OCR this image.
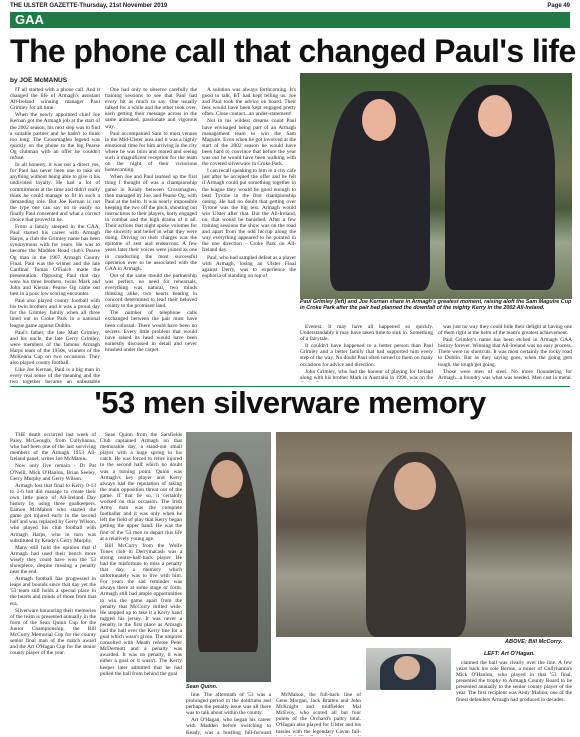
THE ULSTER GAZETTE-Thursday, 21st November 2019	Page 49
GAA
The phone call that changed Paul's life
by JOE McMANUS

IT all started with a phone call. And it changed the life of Armagh's assistant All-Ireland winning manager Paul Grimley for all time.

When the newly appointed chief Joe Kernan got the Armagh job at the start of the 2002 season, his next step was to find a suitable partner and he hadn't to think too long. The Crossmaglen legend was quickly on the phone to the big Pearse Og clubman with an offer he couldn't refuse.

In all honesty, it was not a direct yes, for Paul has never been one to take on anything without being able to give it his undivided loyalty. He had a lot of commitments at the time and didn't really think he could manage to fit in such a demanding role. But Joe Kernan is not the type one can say no to easily so finally Paul consented and what a correct choice that proved to be.

From a family steeped in the GAA, Paul started his career with Armagh Harps, a club the Grimley name has been synonymous with for years. He was to become the Madden Road club's Pearse Og man in the 1967 Armagh County Final. Paul was the winner and the late Cardinal Tomas O'Fiaich made the presentation. Opposing Paul that day were his three brothers, twins Mark and John and Kieran. Pearse Og came out best in a poor low scoring encounter.

Paul also played county football with his twin brothers and it was a proud day for the Grimley family when all three lined out in Croke Park in a national league game against Dublin.

Paul's father, the late Matt Grimley, and his uncle, the late Gerry Grimley, were members of the famous Armagh Harps team of the 1950s, winners of the McKenna Cup on two occasions. They also played county football.

Like Joe Kernan, Paul is a big man in every real sense of the meaning and the two together became an unbeatable

One had only to observe carefully the training sessions to see that Paul had every bit as much to say. One usually talked for a while and the other took over, each getting their message across in the same animated, passionate and vigorous way.

Paul accompanied Sam to most venues in the Mid-Ulster area and it was a highly emotional time for him arriving in the city where he was born and reared and seeing such a magnificent reception for the team on the night of their victorious homecoming.

When Joe and Paul teamed up the first thing I thought of was a championship game in Keady between Crossmaglen, then managed by Joe, and Pearse Og, with Paul at the helm. It was nearly impossible keeping the two off the pitch, shouting out instructions to their players, hotly engaged in combat and the high drama of it all. Their actions that night spoke volumes for the sincerity and belief in what they were doing. Driving on their charges was the epitome of zest and endeavour. A few years later their voices were joined as one in conducting the most successful operation ever to be associated with the GAA in Armagh.

Out of the same mould the partnership was perfect, no need for rehearsals, everything was natural, two minds thinking alike, two hearts beating in concord determined to lead their beloved county to the promised land.

The number of telephone calls exchanged between the pair must have been colossal. There would have been no secrets. Every little problem that would have raised its head would have been earnestly discussed in detail and never brushed under the carpet.

A solution was always forthcoming. It's good to talk, BT had kept telling us. Joe and Paul took the advice on board. Their fees would have been kept engaged pretty often. Close contact...an under-statement!

Not in his wildest dreams could Paul have envisaged being part of an Armagh management team to win the Sam Maguire. Even when he got involved at the start of the 2002 season he would have been hard to convince that before the year was out he would have been walking with the coveted silverware in Croke Park.

I can recall speaking to him in a city cafe just after he accepted the offer and he felt if Armagh could put something together in the league they would be good enough to beat Tyrone in the first championship outing. He had no doubt that getting over Tyrone was the big test. Armagh would win Ulster after that. But the All-Ireland, no, that would be banished. After a few training sessions the show was on the road and apart from the odd hiccup along the way everything appeared to be pointed in the one direction - Croke Park on All-Ireland day.

Paul, who had sampled defeat as a player with Armagh, losing an Ulster Final against Derry, was to experience the euphoria of standing on top of

Paul Grimley (left) and Joe Kernan share in Armagh's greatest moment, raising aloft the Sam Maguire Cup in Croke Park after the pair had planned the downfall of the mighty Kerry in the 2002 All-Ireland.

Everest. It may have all happened so quickly. Understandably it may have taken time to sink in. Something of a fairytale.

It couldn't have happened to a better person than Paul Grimley and a better family that had supported him every step of the way. No doubt Paul often turned to them on many occasions for advice and direction.

John Grimley, who had the honour of playing for Ireland along with his brother Mark in Australia in 1990, was on the

was just no way they could hide their delight at having one of them right at the helm of the team's greatest achievement.

Paul Grimley's name has been etched in Armagh GAA history forever. Winning that All-Ireland was no easy process. There were no shortcuts. It was most certainly the rocky road to Dublin. But as they saying goes, when the going gets tough, the tough get going.

Those were men of steel. No more floundering for Armagh...a foundry was what was needed. Men cast in metal.

'53 men silverware memory

THE death occurred last week of Paisy McGeough, from Cullyhanna, who had been one of the last surviving members of the Armagh 1953 All-Ireland panel, writes Joe McManus.

Now only five remain - Dr Pat O'Neill, Mick O'Hanlon, Brian Seeley, Gerry Murphy and Gerry Wilson.

Armagh lost that final to Kerry 0-13 to 1-6 but did manage to create their own little piece of All-Ireland Day history by using three goalkeepers. Eamon McMahon who started the game got injured early in the second half and was replaced by Gerry Wilson, who played his club football with Armagh Harps, who in turn was substituted by Keady's Gerry Murphy.

Many still hold the opinion that if Armagh had used their bench more wisely they could have won the '53 showpiece, despite missing a penalty near the end.

Armagh football has progressed in leaps and bounds since that day yet the '53 team still holds a special place in the hearts and minds of those from that era.

Silverware honouring their memories of the team is presented annually in the form of the Sean Quinn Cup for the Junior Championship, the Bill McCorry Memorial Cup for the county senior final man of the match award and the Art O'Hagan Cup for the senior county player of the year.

Sean Quinn from the Sarsfields Club captained Armagh on that memorable day, a stand-out small player with a huge spring in his catch. He was forced to retire injured in the second half which no doubt was a turning point. Quinn was Armagh's key player and Kerry always had the reputation of taking the main opposition threat out of the game. If that be so, it certainly worked on this occasion. The Irish Army man was the complete footballer and it was only when he left the field of play that Kerry began getting the upper hand. He was the first of the '53 men to depart this life at a relatively young age.

Bill McCorry from the Wolfe Tones club in Derrymacash was a strong centre-half-back player. He had the misfortune to miss a penalty that day, a memory which unfortunately was to live with him. For years the sad reminder was always there at some stage or form. Armagh still had ample opportunities to win the game apart from the penalty that McCorry drilled wide. He stepped up to take it a Kerry hand tugged his jersey. It was never a penalty in the first place as Armagh had the ball over the Kerry line for a goal which wasn't given. The umpires consulted with Meath referee Peter McDermott and a penalty was awarded. It was no penalty, it was either a goal or it wasn't. The Kerry keeper later admitted that he had pulled the ball from behind the goal

Sean Quinn.

line. The aftermath of '53 was a prolonged period in the doldrums and perhaps the penalty issue was all there was to talk about within the county.

Art O'Hagan, who began his career with Madden before switching to Keady, was a bustling full-forward

McMahon, the full-back line of Gene Morgan, Jack Bratten and John McKnight and midfielder Mal McEvoy, who scored all but four points of the Orchard's paltry total. O'Hagan also played for Ulster and his tussles with the legendary Cavan full-

ABOVE: Bill McCorry.
LEFT: Art O'Hagan.

claimed the ball was clearly over the line. A few years back his sole Bernie, a miner of Cullyhanna's Mick O'Hanlon, who played in that '53 final, presented the trophy to Armagh County Board to be presented annually to the senior county player of the year. The first recipient was Andy Mallon, one of the finest defenders Armagh had produced in decades.
